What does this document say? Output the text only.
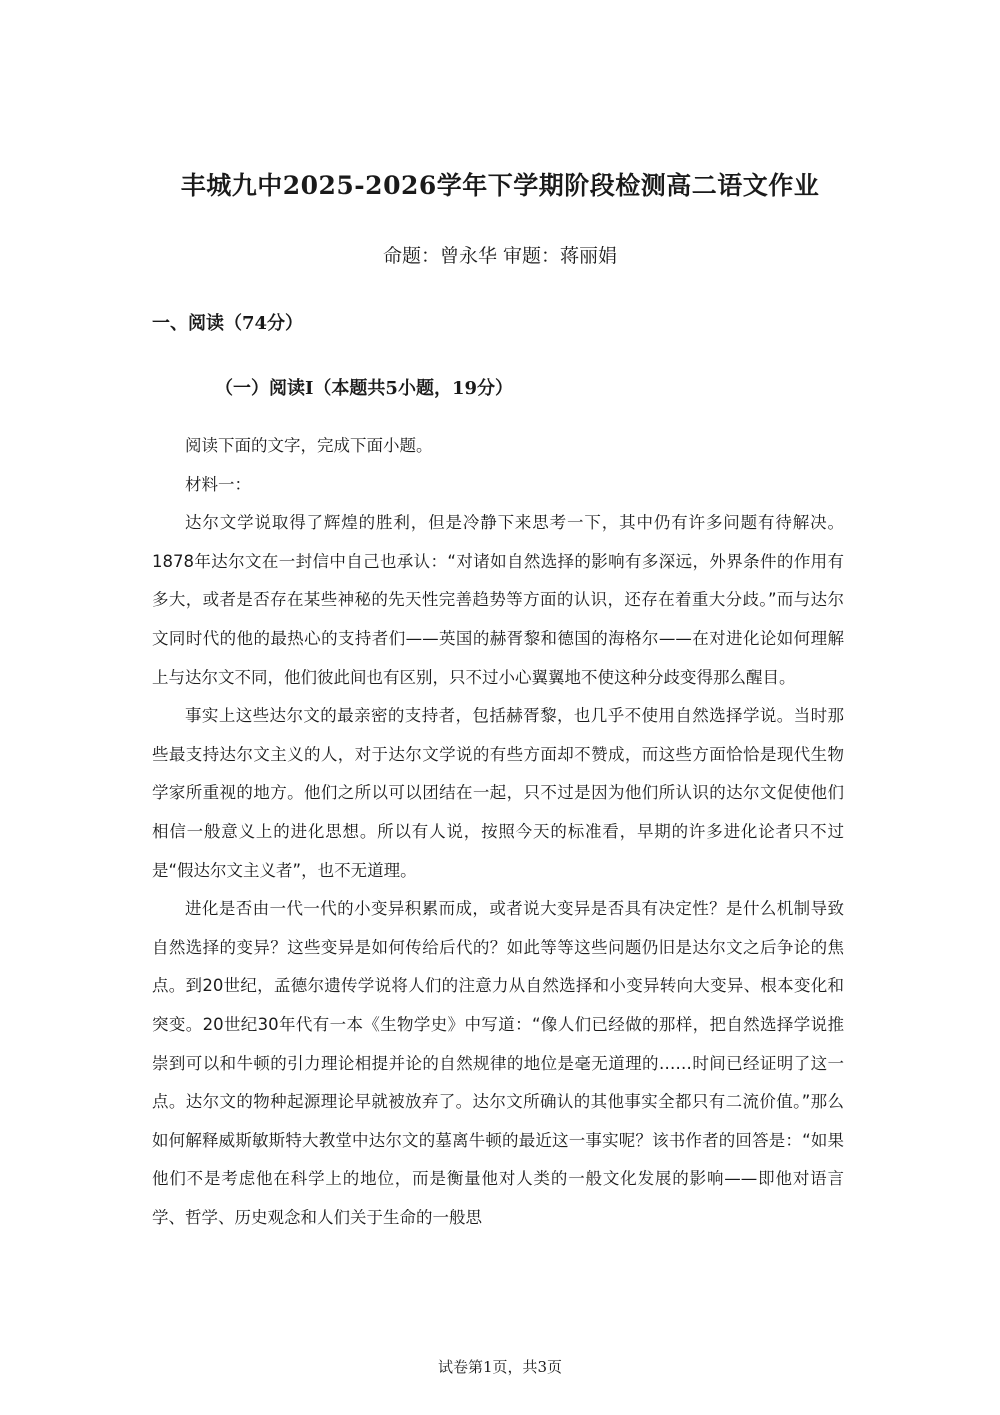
丰城九中2025-2026学年下学期阶段检测高二语文作业
命题：曾永华 审题：蒋丽娟
一、阅读（74分）
（一）阅读Ⅰ（本题共5小题，19分）

阅读下面的文字，完成下面小题。

材料一：

达尔文学说取得了辉煌的胜利，但是冷静下来思考一下，其中仍有许多问题有待解决。1878年达尔文在一封信中自己也承认：“对诸如自然选择的影响有多深远，外界条件的作用有多大，或者是否存在某些神秘的先天性完善趋势等方面的认识，还存在着重大分歧。”而与达尔文同时代的他的最热心的支持者们——英国的赫胥黎和德国的海格尔——在对进化论如何理解上与达尔文不同，他们彼此间也有区别，只不过小心翼翼地不使这种分歧变得那么醒目。

事实上这些达尔文的最亲密的支持者，包括赫胥黎，也几乎不使用自然选择学说。当时那些最支持达尔文主义的人，对于达尔文学说的有些方面却不赞成，而这些方面恰恰是现代生物学家所重视的地方。他们之所以可以团结在一起，只不过是因为他们所认识的达尔文促使他们相信一般意义上的进化思想。所以有人说，按照今天的标准看，早期的许多进化论者只不过是“假达尔文主义者”，也不无道理。

进化是否由一代一代的小变异积累而成，或者说大变异是否具有决定性？是什么机制导致自然选择的变异？这些变异是如何传给后代的？如此等等这些问题仍旧是达尔文之后争论的焦点。到20世纪，孟德尔遗传学说将人们的注意力从自然选择和小变异转向大变异、根本变化和突变。20世纪30年代有一本《生物学史》中写道：“像人们已经做的那样，把自然选择学说推崇到可以和牛顿的引力理论相提并论的自然规律的地位是毫无道理的……时间已经证明了这一点。达尔文的物种起源理论早就被放弃了。达尔文所确认的其他事实全都只有二流价值。”那么如何解释威斯敏斯特大教堂中达尔文的墓离牛顿的最近这一事实呢？该书作者的回答是：“如果他们不是考虑他在科学上的地位，而是衡量他对人类的一般文化发展的影响——即他对语言学、哲学、历史观念和人们关于生命的一般思

试卷第1页，共3页
